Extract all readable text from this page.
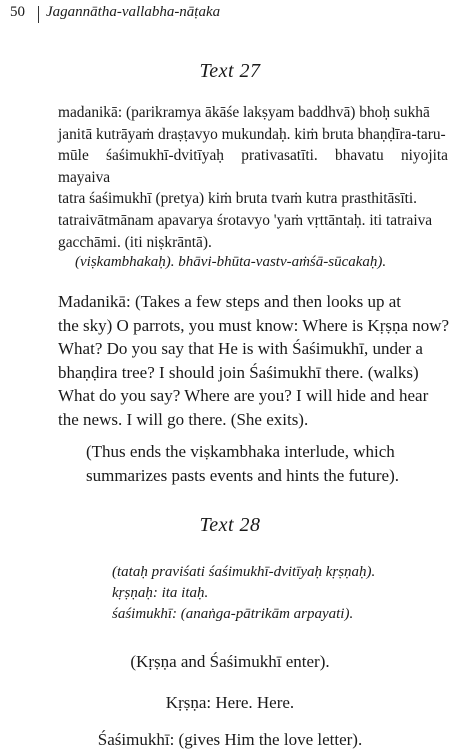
50 Jagannātha-vallabha-nāṭaka
Text 27
madanikā: (parikramya ākāśe lakṣyam baddhvā) bhoḥ sukhā
janitā kutrāyaṁ draṣṭavyo mukundaḥ. kiṁ bruta bhaṇḍīra-taru-
mūle śaśimukhī-dvitīyaḥ prativasatīti. bhavatu niyojita mayaiva
tatra śaśimukhī (pretya) kiṁ bruta tvaṁ kutra prasthitāsīti.
tatraivātmānam apavarya śrotavyo 'yaṁ vṛttāntaḥ. iti tatraiva
gacchāmi. (iti niṣkrāntā).
(viṣkambhakaḥ). bhāvi-bhūta-vastv-aṁśā-sūcakaḥ).
Madanikā: (Takes a few steps and then looks up at
the sky) O parrots, you must know: Where is Kṛṣṇa now?
What? Do you say that He is with Śaśimukhī, under a
bhaṇḍira tree? I should join Śaśimukhī there. (walks)
What do you say? Where are you? I will hide and hear
the news. I will go there. (She exits).
(Thus ends the viṣkambhaka interlude, which
summarizes pasts events and hints the future).
Text 28
(tataḥ praviśati śaśimukhī-dvitīyaḥ kṛṣṇaḥ).
kṛṣṇaḥ: ita itaḥ.
śaśimukhī: (anaṅga-pātrikām arpayati).
(Kṛṣṇa and Śaśimukhī enter).
Kṛṣṇa: Here. Here.
Śaśimukhī: (gives Him the love letter).
